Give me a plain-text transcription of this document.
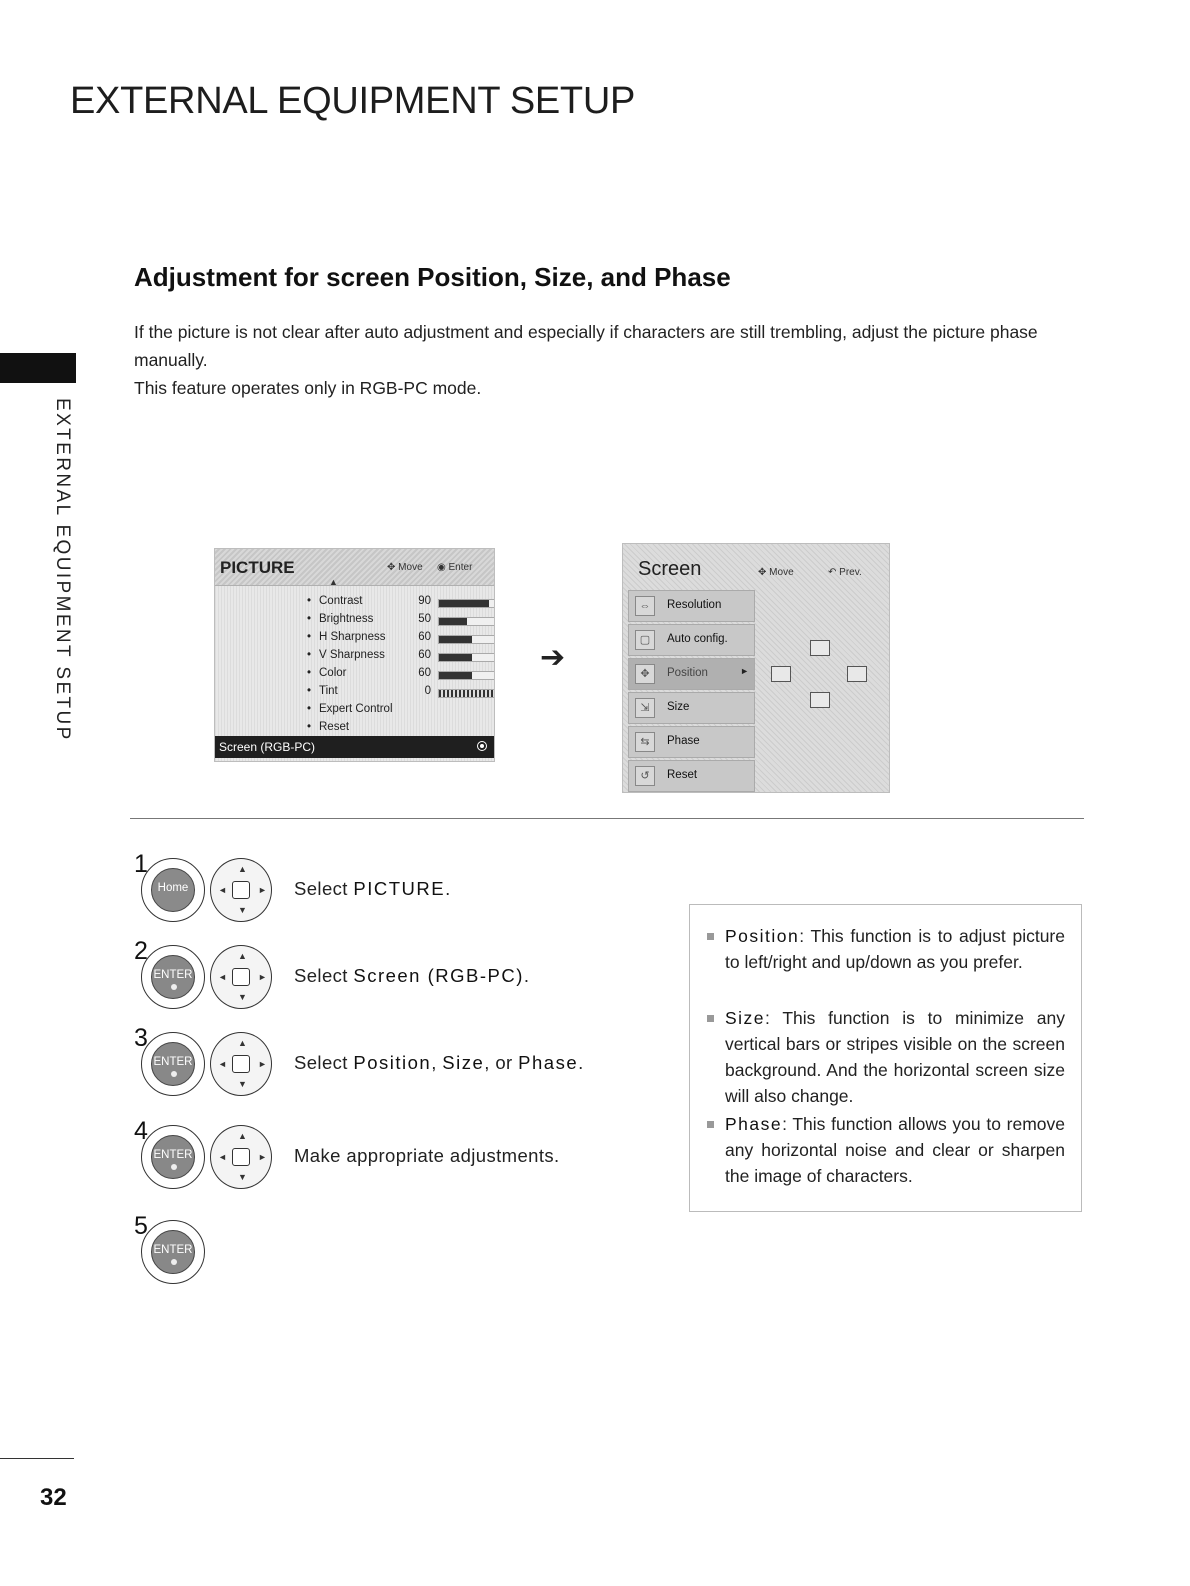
EXTERNAL EQUIPMENT SETUP
EXTERNAL EQUIPMENT SETUP
Adjustment for screen Position, Size, and Phase

If the picture is not clear after auto adjustment and especially if characters are still trembling, adjust the picture phase manually.

This feature operates only in RGB-PC mode.

PICTURE	✥ Move ◉ Enter
▲
• Contrast	90
• Brightness	50
• H Sharpness	60
• V Sharpness	60
• Color	60
• Tint	0
• Expert Control
• Reset
Screen (RGB-PC)
➔
Screen	✥ Move	↶ Prev.
⇔	Resolution
▢	Auto config.
✥	Position	►
⇲	Size
⇆	Phase
↺	Reset
1
Home
▲
▼
◄	► Select PICTURE.
2
ENTER
▲
▼
◄	► Select Screen (RGB-PC).
3
ENTER
▲
▼
◄	► Select Position, Size, or Phase.
4
ENTER
▲
▼
◄	► Make appropriate adjustments.
5
ENTER
Position: This function is to adjust picture to left/right and up/down as you prefer.
Size: This function is to minimize any vertical bars or stripes visible on the screen background. And the horizontal screen size will also change.
Phase: This function allows you to remove any horizontal noise and clear or sharpen the image of characters.
32
